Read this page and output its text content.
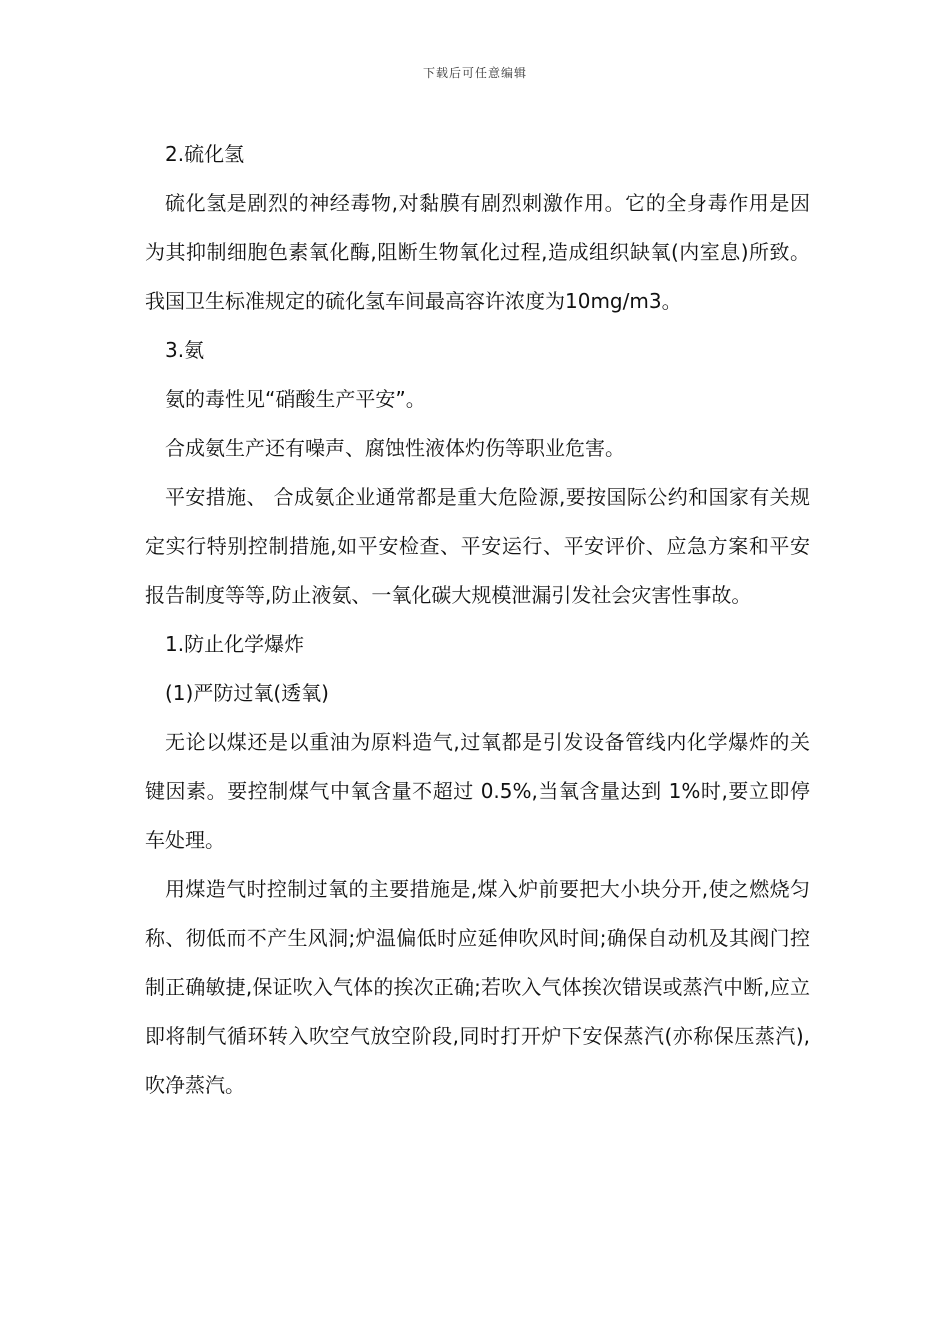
下载后可任意编辑

2.硫化氢

硫化氢是剧烈的神经毒物,对黏膜有剧烈刺激作用。它的全身毒作用是因为其抑制细胞色素氧化酶,阻断生物氧化过程,造成组织缺氧(内室息)所致。我国卫生标准规定的硫化氢车间最高容许浓度为10mg/m3。

3.氨

氨的毒性见“硝酸生产平安”。

合成氨生产还有噪声、腐蚀性液体灼伤等职业危害。

平安措施、 合成氨企业通常都是重大危险源,要按国际公约和国家有关规定实行特别控制措施,如平安检查、平安运行、平安评价、应急方案和平安报告制度等等,防止液氨、一氧化碳大规模泄漏引发社会灾害性事故。

1.防止化学爆炸

(1)严防过氧(透氧)

无论以煤还是以重油为原料造气,过氧都是引发设备管线内化学爆炸的关键因素。要控制煤气中氧含量不超过 0.5%,当氧含量达到 1%时,要立即停车处理。

用煤造气时控制过氧的主要措施是,煤入炉前要把大小块分开,使之燃烧匀称、彻低而不产生风洞;炉温偏低时应延伸吹风时间;确保自动机及其阀门控制正确敏捷,保证吹入气体的挨次正确;若吹入气体挨次错误或蒸汽中断,应立即将制气循环转入吹空气放空阶段,同时打开炉下安保蒸汽(亦称保压蒸汽),吹净蒸汽。
